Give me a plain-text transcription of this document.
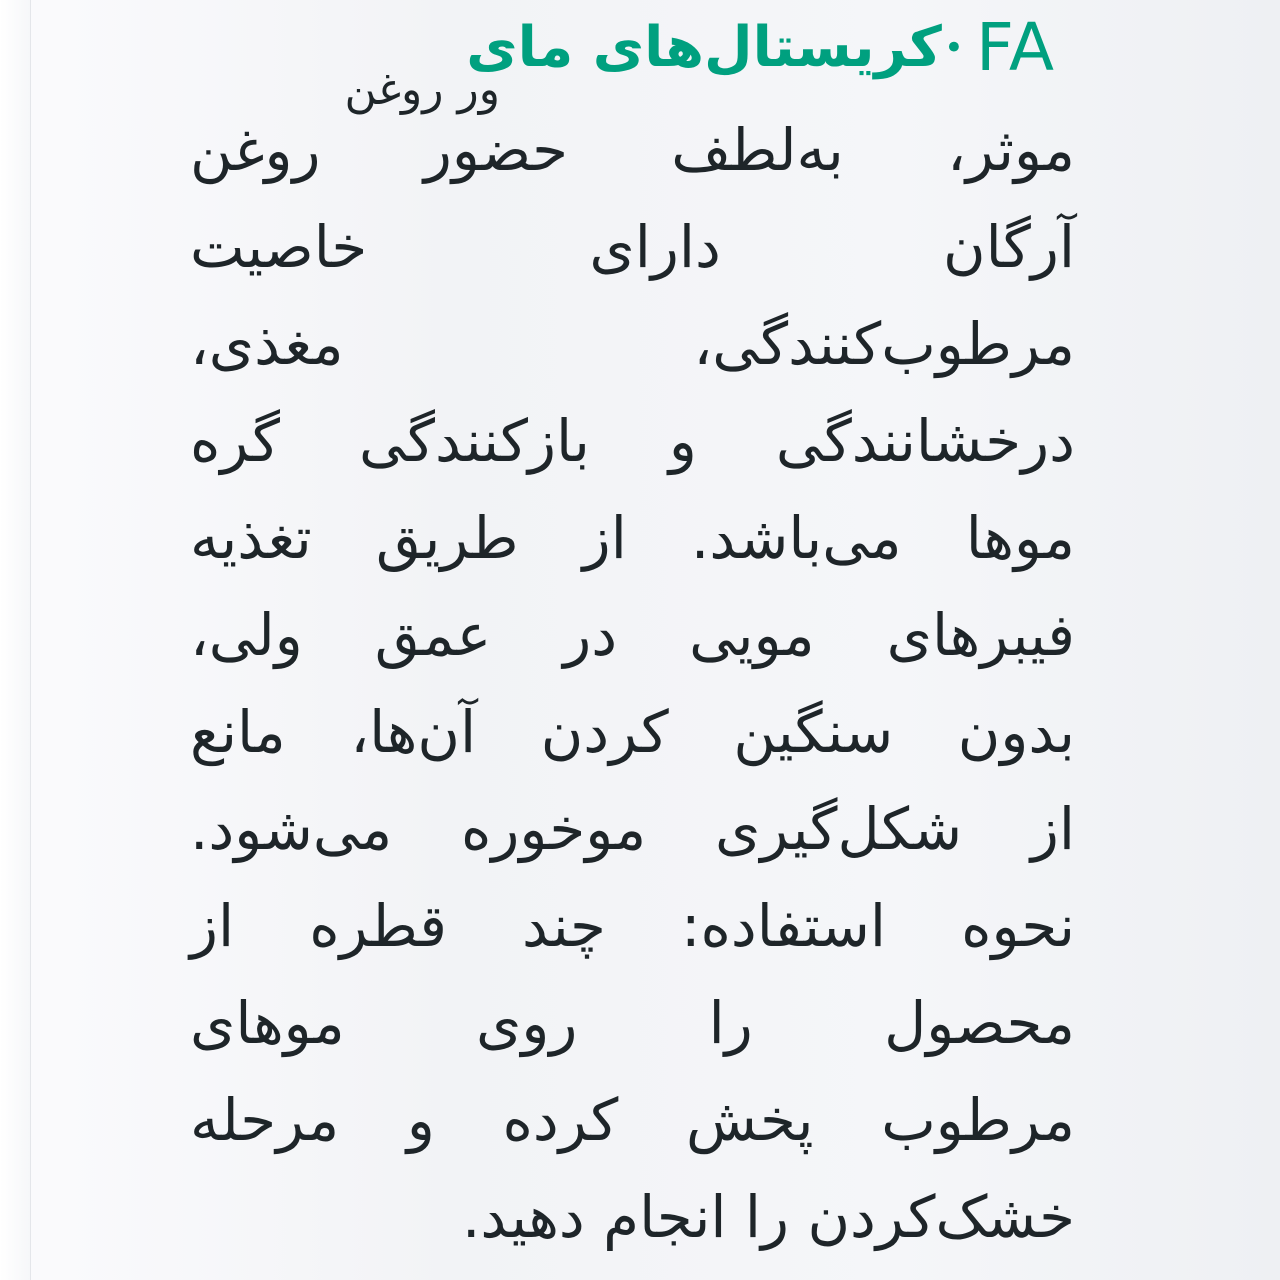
کریستال‌های مای • FA
ور روغن
موثر، به‌لطف حضور روغن
آرگان دارای خاصیت
مرطوب‌کنندگی، مغذی،
درخشانندگی و بازکنندگی گره
موها می‌باشد. از طریق تغذیه
فیبرهای مویی در عمق ولی،
بدون سنگین کردن آن‌ها، مانع
از شکل‌گیری موخوره می‌شود.
نحوه استفاده: چند قطره از
محصول را روی موهای
مرطوب پخش کرده و مرحله
خشک‌کردن را انجام دهید.
